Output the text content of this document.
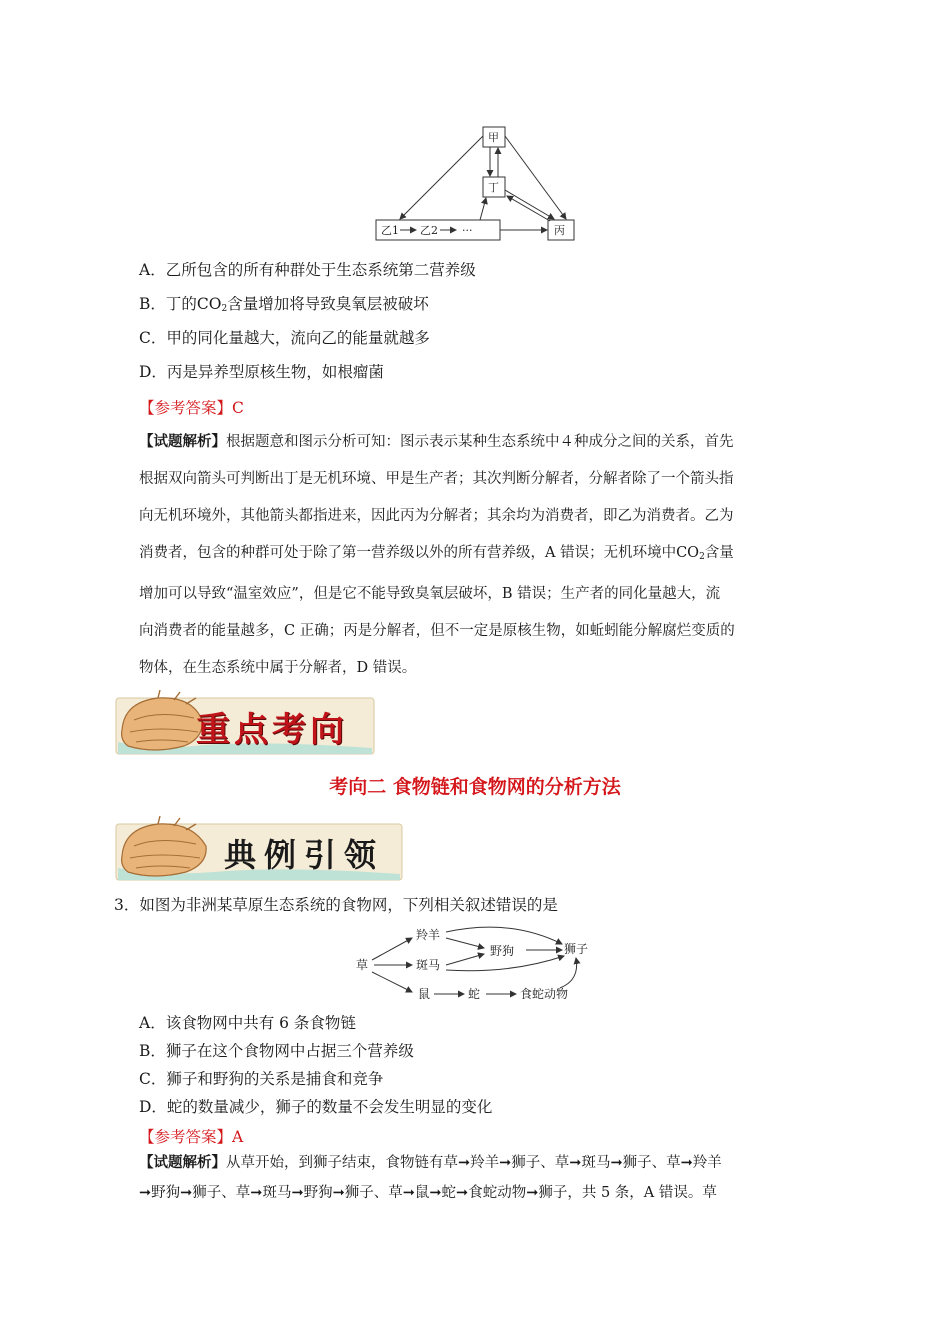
甲
丁
乙1 乙2 ···	丙
A．乙所包含的所有种群处于生态系统第二营养级
B．丁的$CO_2$含量增加将导致臭氧层被破坏
C．甲的同化量越大，流向乙的能量就越多
D．丙是异养型原核生物，如根瘤菌
【参考答案】C
【试题解析】根据题意和图示分析可知：图示表示某种生态系统中４种成分之间的关系，首先
根据双向箭头可判断出丁是无机环境、甲是生产者；其次判断分解者，分解者除了一个箭头指
向无机环境外，其他箭头都指进来，因此丙为分解者；其余均为消费者，即乙为消费者。乙为
消费者，包含的种群可处于除了第一营养级以外的所有营养级，A 错误；无机环境中$CO_2$含量
增加可以导致“温室效应”，但是它不能导致臭氧层破坏，B 错误；生产者的同化量越大，流
向消费者的能量越多，C 正确；丙是分解者，但不一定是原核生物，如蚯蚓能分解腐烂变质的
物体，在生态系统中属于分解者，D 错误。
重点考向
考向二 食物链和食物网的分析方法
典例引领
3．如图为非洲某草原生态系统的食物网，下列相关叙述错误的是
草
羚羊
斑马
野狗	狮子
鼠	蛇	食蛇动物
A．该食物网中共有 6 条食物链
B．狮子在这个食物网中占据三个营养级
C．狮子和野狗的关系是捕食和竞争
D．蛇的数量减少，狮子的数量不会发生明显的变化
【参考答案】A
【试题解析】从草开始，到狮子结束，食物链有草➞羚羊➞狮子、草➞斑马➞狮子、草➞羚羊
➞野狗➞狮子、草➞斑马➞野狗➞狮子、草➞鼠➞蛇➞食蛇动物➞狮子，共 5 条，A 错误。草
